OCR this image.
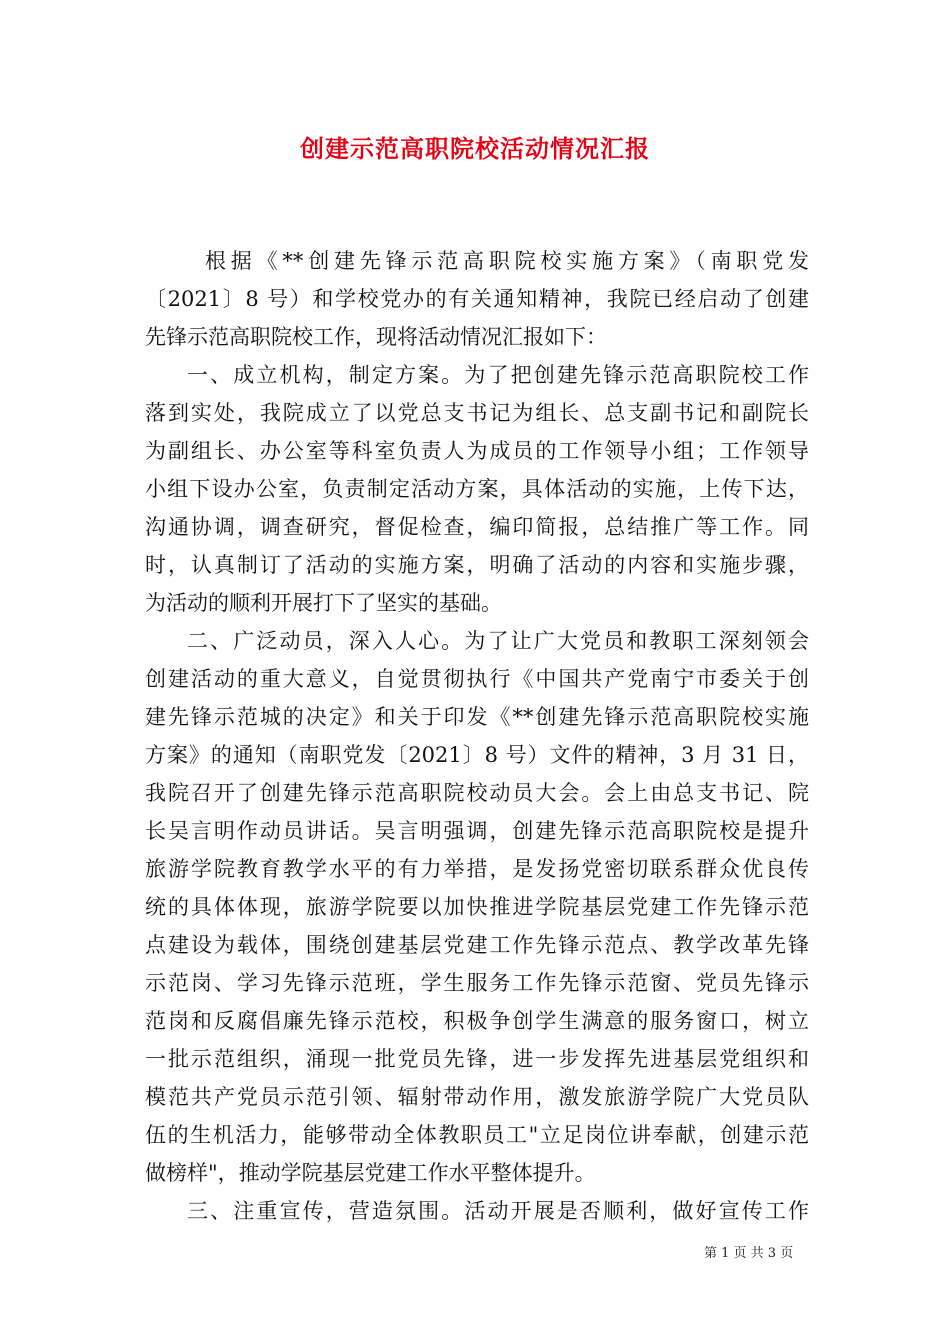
创建示范高职院校活动情况汇报
根据《**创建先锋示范高职院校实施方案》（南职党发
〔2021〕8 号）和学校党办的有关通知精神，我院已经启动了创建
先锋示范高职院校工作，现将活动情况汇报如下：
一、成立机构，制定方案。为了把创建先锋示范高职院校工作
落到实处，我院成立了以党总支书记为组长、总支副书记和副院长
为副组长、办公室等科室负责人为成员的工作领导小组；工作领导
小组下设办公室，负责制定活动方案，具体活动的实施，上传下达，
沟通协调，调查研究，督促检查，编印简报，总结推广等工作。同
时，认真制订了活动的实施方案，明确了活动的内容和实施步骤，
为活动的顺利开展打下了坚实的基础。
二、广泛动员，深入人心。为了让广大党员和教职工深刻领会
创建活动的重大意义，自觉贯彻执行《中国共产党南宁市委关于创
建先锋示范城的决定》和关于印发《**创建先锋示范高职院校实施
方案》的通知（南职党发〔2021〕8 号）文件的精神，3 月 31 日，
我院召开了创建先锋示范高职院校动员大会。会上由总支书记、院
长吴言明作动员讲话。吴言明强调，创建先锋示范高职院校是提升
旅游学院教育教学水平的有力举措，是发扬党密切联系群众优良传
统的具体体现，旅游学院要以加快推进学院基层党建工作先锋示范
点建设为载体，围绕创建基层党建工作先锋示范点、教学改革先锋
示范岗、学习先锋示范班，学生服务工作先锋示范窗、党员先锋示
范岗和反腐倡廉先锋示范校，积极争创学生满意的服务窗口，树立
一批示范组织，涌现一批党员先锋，进一步发挥先进基层党组织和
模范共产党员示范引领、辐射带动作用，激发旅游学院广大党员队
伍的生机活力，能够带动全体教职员工"立足岗位讲奉献，创建示范
做榜样"，推动学院基层党建工作水平整体提升。
三、注重宣传，营造氛围。活动开展是否顺利，做好宣传工作
第 1 页 共 3 页
